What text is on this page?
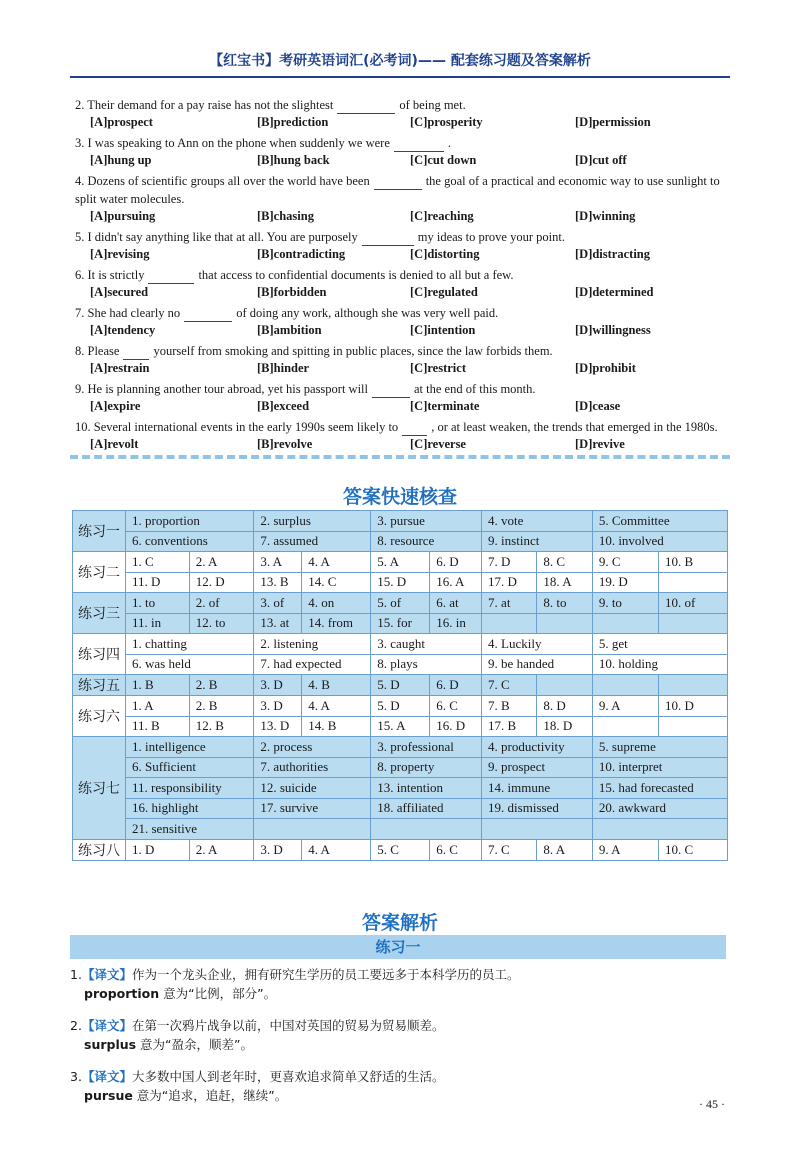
【红宝书】考研英语词汇(必考词)—— 配套练习题及答案解析
2. Their demand for a pay raise has not the slightest	of being met.
[A]prospect	[B]prediction	[C]prosperity	[D]permission
3. I was speaking to Ann on the phone when suddenly we were	.
[A]hung up	[B]hung back	[C]cut down	[D]cut off
4. Dozens of scientific groups all over the world have been	the goal of a practical and economic way to use sunlight to split water molecules.
[A]pursuing	[B]chasing	[C]reaching	[D]winning
5. I didn't say anything like that at all. You are purposely	my ideas to prove your point.
[A]revising	[B]contradicting	[C]distorting	[D]distracting
6. It is strictly	that access to confidential documents is denied to all but a few.
[A]secured	[B]forbidden	[C]regulated	[D]determined
7. She had clearly no	of doing any work, although she was very well paid.
[A]tendency	[B]ambition	[C]intention	[D]willingness
8. Please	yourself from smoking and spitting in public places, since the law forbids them.
[A]restrain	[B]hinder	[C]restrict	[D]prohibit
9. He is planning another tour abroad, yet his passport will	at the end of this month.
[A]expire	[B]exceed	[C]terminate	[D]cease
10. Several international events in the early 1990s seem likely to	, or at least weaken, the trends that emerged in the 1980s.
[A]revolt	[B]revolve	[C]reverse	[D]revive
答案快速核查
练习一	1. proportion		2. surplus		3. pursue		4. vote		5. Committee	
	6. conventions		7. assumed		8. resource		9. instinct		10. involved	
练习二	1. C	2. A	3. A	4. A	5. A	6. D	7. D	8. C	9. C	10. B
	11. D	12. D	13. B	14. C	15. D	16. A	17. D	18. A	19. D	
练习三	1. to	2. of	3. of	4. on	5. of	6. at	7. at	8. to	9. to	10. of
	11. in	12. to	13. at	14. from	15. for	16. in				
练习四	1. chatting		2. listening		3. caught		4. Luckily		5. get	
	6. was held		7. had expected		8. plays		9. be handed		10. holding	
练习五	1. B	2. B	3. D	4. B	5. D	6. D	7. C			
练习六	1. A	2. B	3. D	4. A	5. D	6. C	7. B	8. D	9. A	10. D
	11. B	12. B	13. D	14. B	15. A	16. D	17. B	18. D		
练习七	1. intelligence		2. process		3. professional		4. productivity		5. supreme	
	6. Sufficient		7. authorities		8. property		9. prospect		10. interpret	
	11. responsibility		12. suicide		13. intention		14. immune		15. had forecasted	
	16. highlight		17. survive		18. affiliated		19. dismissed		20. awkward	
	21. sensitive									
练习八	1. D	2. A	3. D	4. A	5. C	6. C	7. C	8. A	9. A	10. C
答案解析
练习一
1.【译文】作为一个龙头企业，拥有研究生学历的员工要远多于本科学历的员工。
proportion 意为“比例，部分”。
2.【译文】在第一次鸦片战争以前，中国对英国的贸易为贸易顺差。
surplus 意为“盈余，顺差”。
3.【译文】大多数中国人到老年时，更喜欢追求简单又舒适的生活。
pursue 意为“追求，追赶，继续”。
· 45 ·
